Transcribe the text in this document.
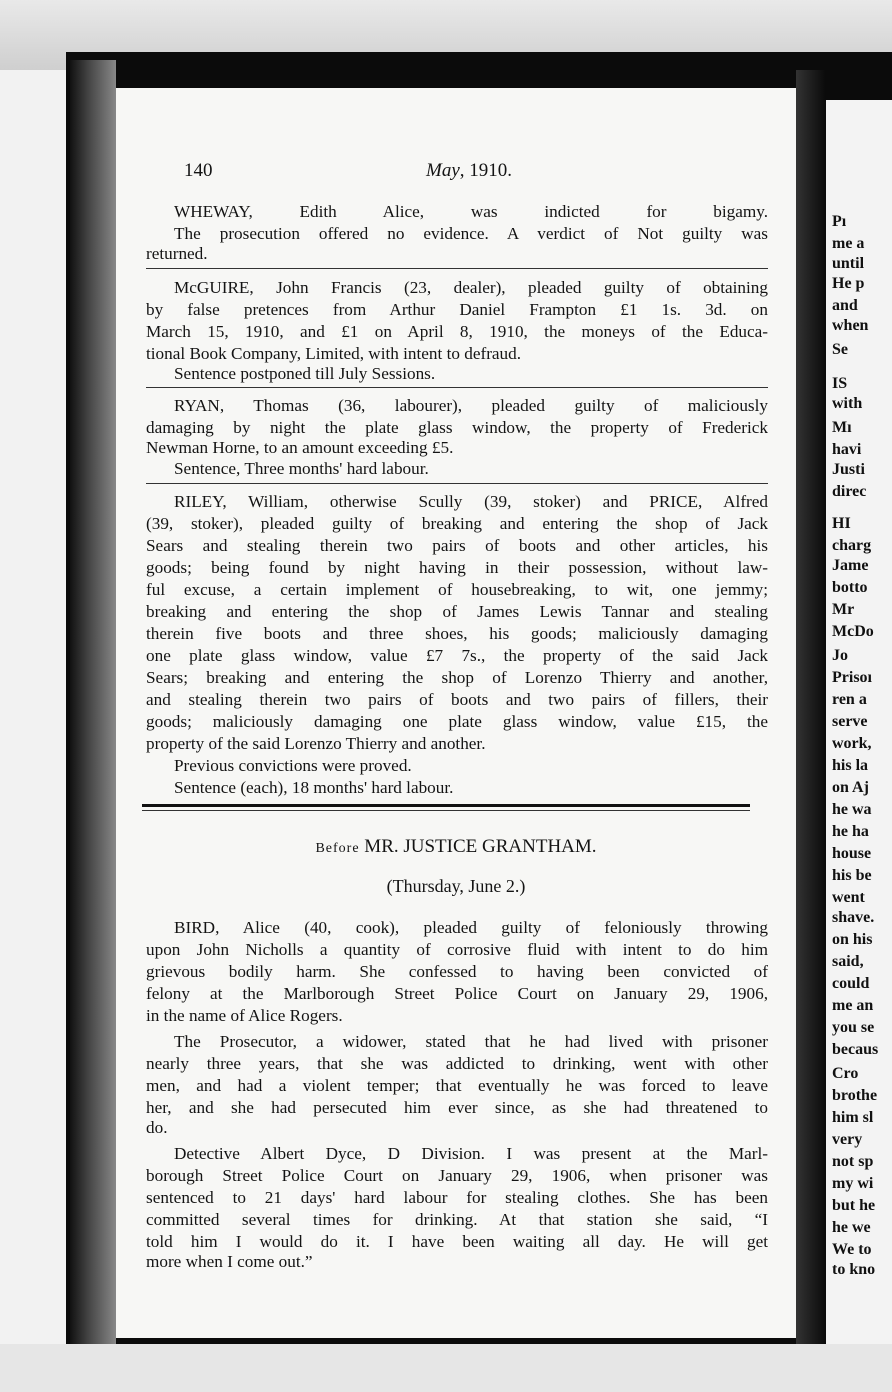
140	May, 1910.
WHEWAY, Edith Alice, was indicted for bigamy.
The prosecution offered no evidence. A verdict of Not guilty was
returned.
McGUIRE, John Francis (23, dealer), pleaded guilty of obtaining
by false pretences from Arthur Daniel Frampton £1 1s. 3d. on
March 15, 1910, and £1 on April 8, 1910, the moneys of the Educa-
tional Book Company, Limited, with intent to defraud.
Sentence postponed till July Sessions.
RYAN, Thomas (36, labourer), pleaded guilty of maliciously
damaging by night the plate glass window, the property of Frederick
Newman Horne, to an amount exceeding £5.
Sentence, Three months' hard labour.
RILEY, William, otherwise Scully (39, stoker) and PRICE, Alfred
(39, stoker), pleaded guilty of breaking and entering the shop of Jack
Sears and stealing therein two pairs of boots and other articles, his
goods; being found by night having in their possession, without law-
ful excuse, a certain implement of housebreaking, to wit, one jemmy;
breaking and entering the shop of James Lewis Tannar and stealing
therein five boots and three shoes, his goods; maliciously damaging
one plate glass window, value £7 7s., the property of the said Jack
Sears; breaking and entering the shop of Lorenzo Thierry and another,
and stealing therein two pairs of boots and two pairs of fillers, their
goods; maliciously damaging one plate glass window, value £15, the
property of the said Lorenzo Thierry and another.
Previous convictions were proved.
Sentence (each), 18 months' hard labour.
Before MR. JUSTICE GRANTHAM.
(Thursday, June 2.)
BIRD, Alice (40, cook), pleaded guilty of feloniously throwing
upon John Nicholls a quantity of corrosive fluid with intent to do him
grievous bodily harm. She confessed to having been convicted of
felony at the Marlborough Street Police Court on January 29, 1906,
in the name of Alice Rogers.
The Prosecutor, a widower, stated that he had lived with prisoner
nearly three years, that she was addicted to drinking, went with other
men, and had a violent temper; that eventually he was forced to leave
her, and she had persecuted him ever since, as she had threatened to
do.
Detective Albert Dyce, D Division. I was present at the Marl-
borough Street Police Court on January 29, 1906, when prisoner was
sentenced to 21 days' hard labour for stealing clothes. She has been
committed several times for drinking. At that station she said, “I
told him I would do it. I have been waiting all day. He will get
more when I come out.”
Pı
me a
until
He p
and
when
Se
IS
with
Mı
havi
Justi
direc
HI
charg
Jame
botto
Mr
McDo
Jo
Prisoı
ren a
serve
work,
his la
on Aj
he wa
he ha
house
his be
went
shave.
on his
said,
could
me an
you se
becaus
Cro
brothe
him sl
very
not sp
my wi
but he
he we
We to
to kno
